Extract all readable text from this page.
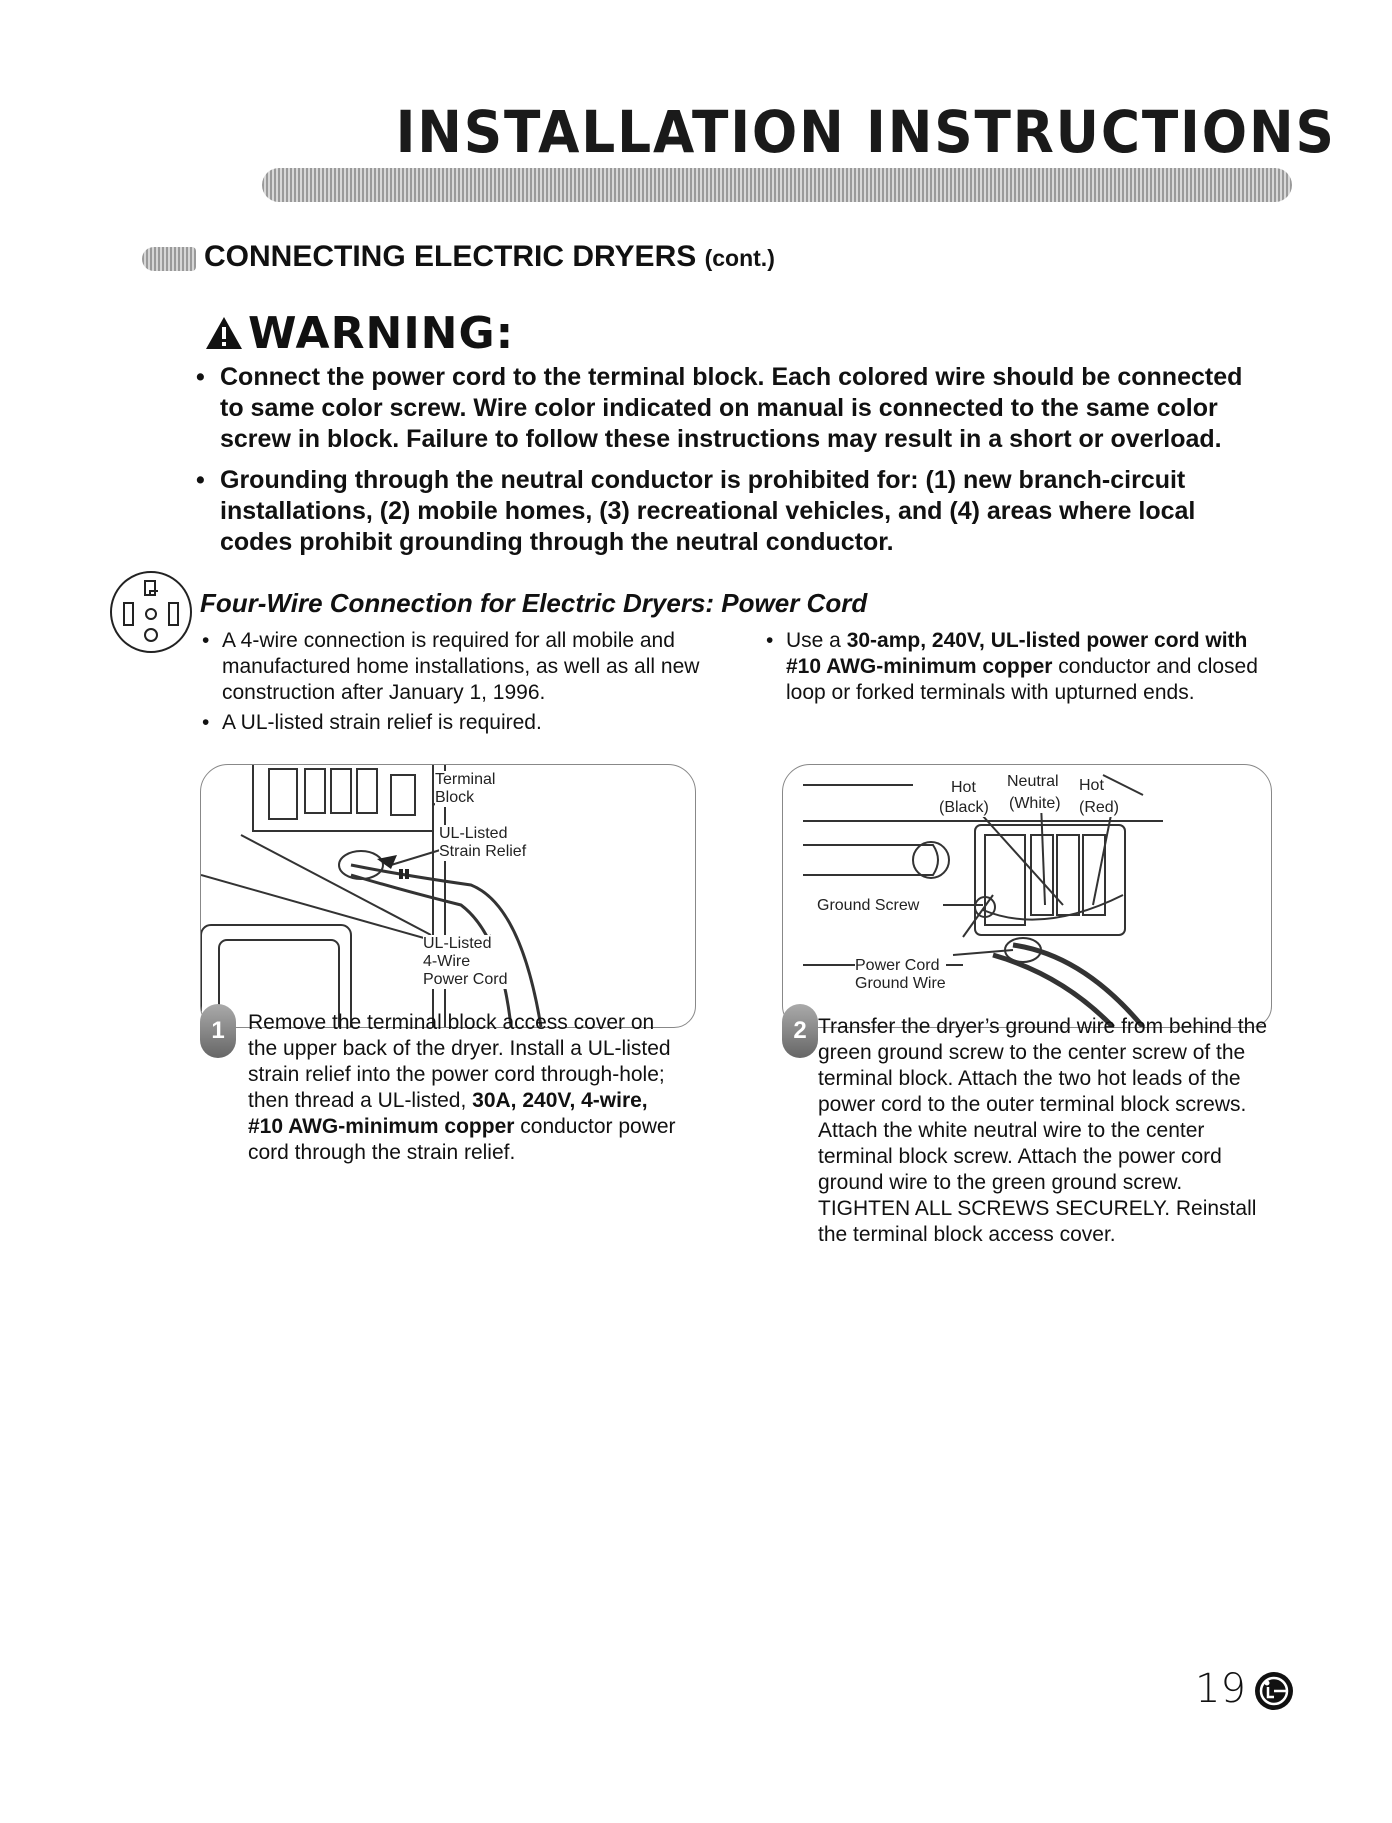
INSTALLATION INSTRUCTIONS
CONNECTING ELECTRIC DRYERS (cont.)
WARNING:
• Connect the power cord to the terminal block. Each colored wire should be connected to same color screw. Wire color indicated on manual is connected to the same color screw in block. Failure to follow these instructions may result in a short or overload.
• Grounding through the neutral conductor is prohibited for: (1) new branch-circuit installations, (2) mobile homes, (3) recreational vehicles, and (4) areas where local codes prohibit grounding through the neutral conductor.
Four-Wire Connection for Electric Dryers: Power Cord
• A 4-wire connection is required for all mobile and manufactured home installations, as well as all new construction after January 1, 1996.
• A UL-listed strain relief is required.
• Use a 30-amp, 240V, UL-listed power cord with #10 AWG-minimum copper conductor and closed loop or forked terminals with upturned ends.
Terminal
Block
UL-Listed
Strain Relief
UL-Listed
4-Wire
Power Cord
Hot
(Black)
Neutral
(White)
Hot
(Red)
Ground Screw
Power Cord
Ground Wire
1	Remove the terminal block access cover on the upper back of the dryer. Install a UL-listed strain relief into the power cord through-hole; then thread a UL-listed, 30A, 240V, 4-wire, #10 AWG-minimum copper conductor power cord through the strain relief.
2 Transfer the dryer’s ground wire from behind the green ground screw to the center screw of the terminal block. Attach the two hot leads of the power cord to the outer terminal block screws. Attach the white neutral wire to the center terminal block screw. Attach the power cord ground wire to the green ground screw. TIGHTEN ALL SCREWS SECURELY. Reinstall the terminal block access cover.
19
